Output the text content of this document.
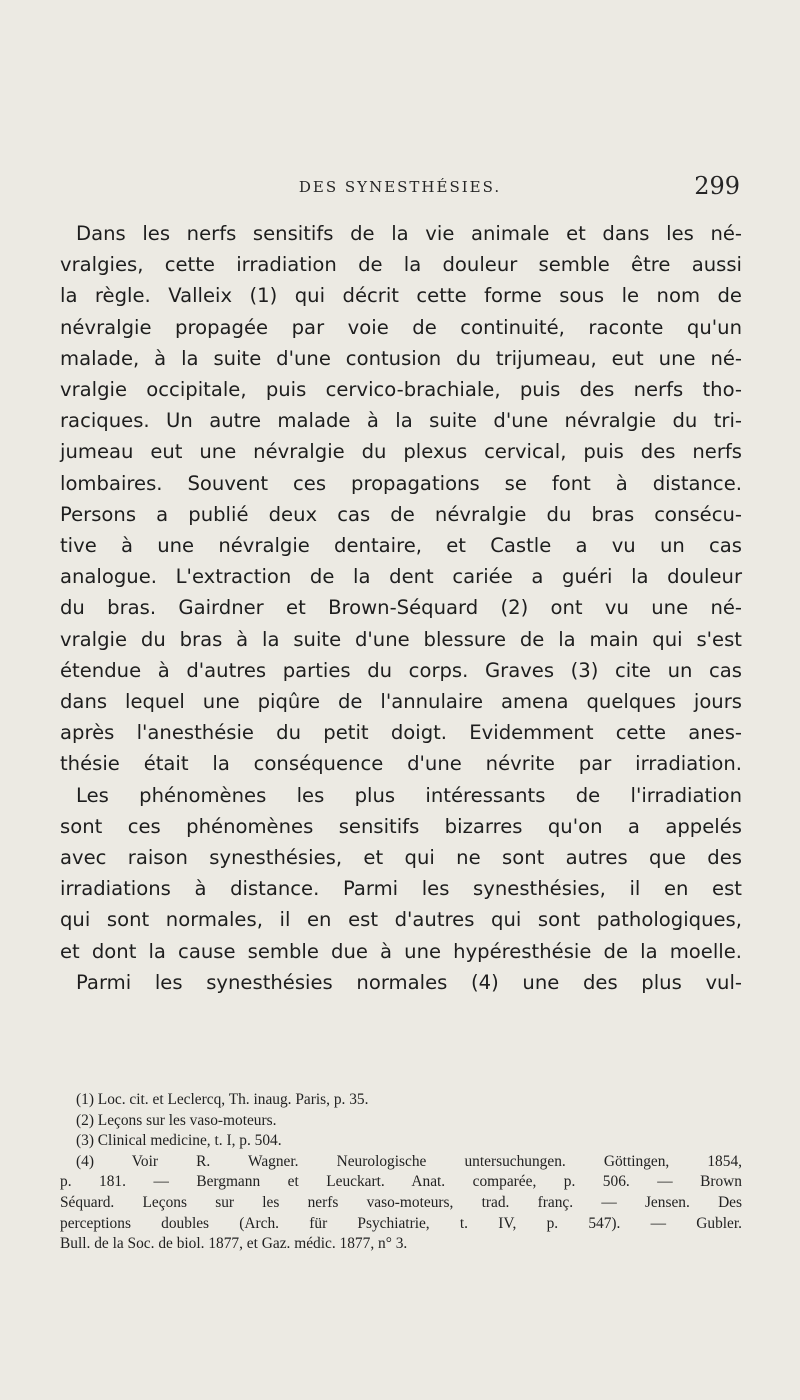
DES SYNESTHÉSIES.	299
Dans les nerfs sensitifs de la vie animale et dans les né-
vralgies, cette irradiation de la douleur semble être aussi
la règle. Valleix (1) qui décrit cette forme sous le nom de
névralgie propagée par voie de continuité, raconte qu'un
malade, à la suite d'une contusion du trijumeau, eut une né-
vralgie occipitale, puis cervico-brachiale, puis des nerfs tho-
raciques. Un autre malade à la suite d'une névralgie du tri-
jumeau eut une névralgie du plexus cervical, puis des nerfs
lombaires. Souvent ces propagations se font à distance.
Persons a publié deux cas de névralgie du bras consécu-
tive à une névralgie dentaire, et Castle a vu un cas
analogue. L'extraction de la dent cariée a guéri la douleur
du bras. Gairdner et Brown-Séquard (2) ont vu une né-
vralgie du bras à la suite d'une blessure de la main qui s'est
étendue à d'autres parties du corps. Graves (3) cite un cas
dans lequel une piqûre de l'annulaire amena quelques jours
après l'anesthésie du petit doigt. Evidemment cette anes-
thésie était la conséquence d'une névrite par irradiation.
Les phénomènes les plus intéressants de l'irradiation
sont ces phénomènes sensitifs bizarres qu'on a appelés
avec raison synesthésies, et qui ne sont autres que des
irradiations à distance. Parmi les synesthésies, il en est
qui sont normales, il en est d'autres qui sont pathologiques,
et dont la cause semble due à une hypéresthésie de la moelle.
Parmi les synesthésies normales (4) une des plus vul-
(1) Loc. cit. et Leclercq, Th. inaug. Paris, p. 35.
(2) Leçons sur les vaso-moteurs.
(3) Clinical medicine, t. I, p. 504.
(4) Voir R. Wagner. Neurologische untersuchungen. Göttingen, 1854,
p. 181. — Bergmann et Leuckart. Anat. comparée, p. 506. — Brown
Séquard. Leçons sur les nerfs vaso-moteurs, trad. franç. — Jensen. Des
perceptions doubles (Arch. für Psychiatrie, t. IV, p. 547). — Gubler.
Bull. de la Soc. de biol. 1877, et Gaz. médic. 1877, n° 3.
